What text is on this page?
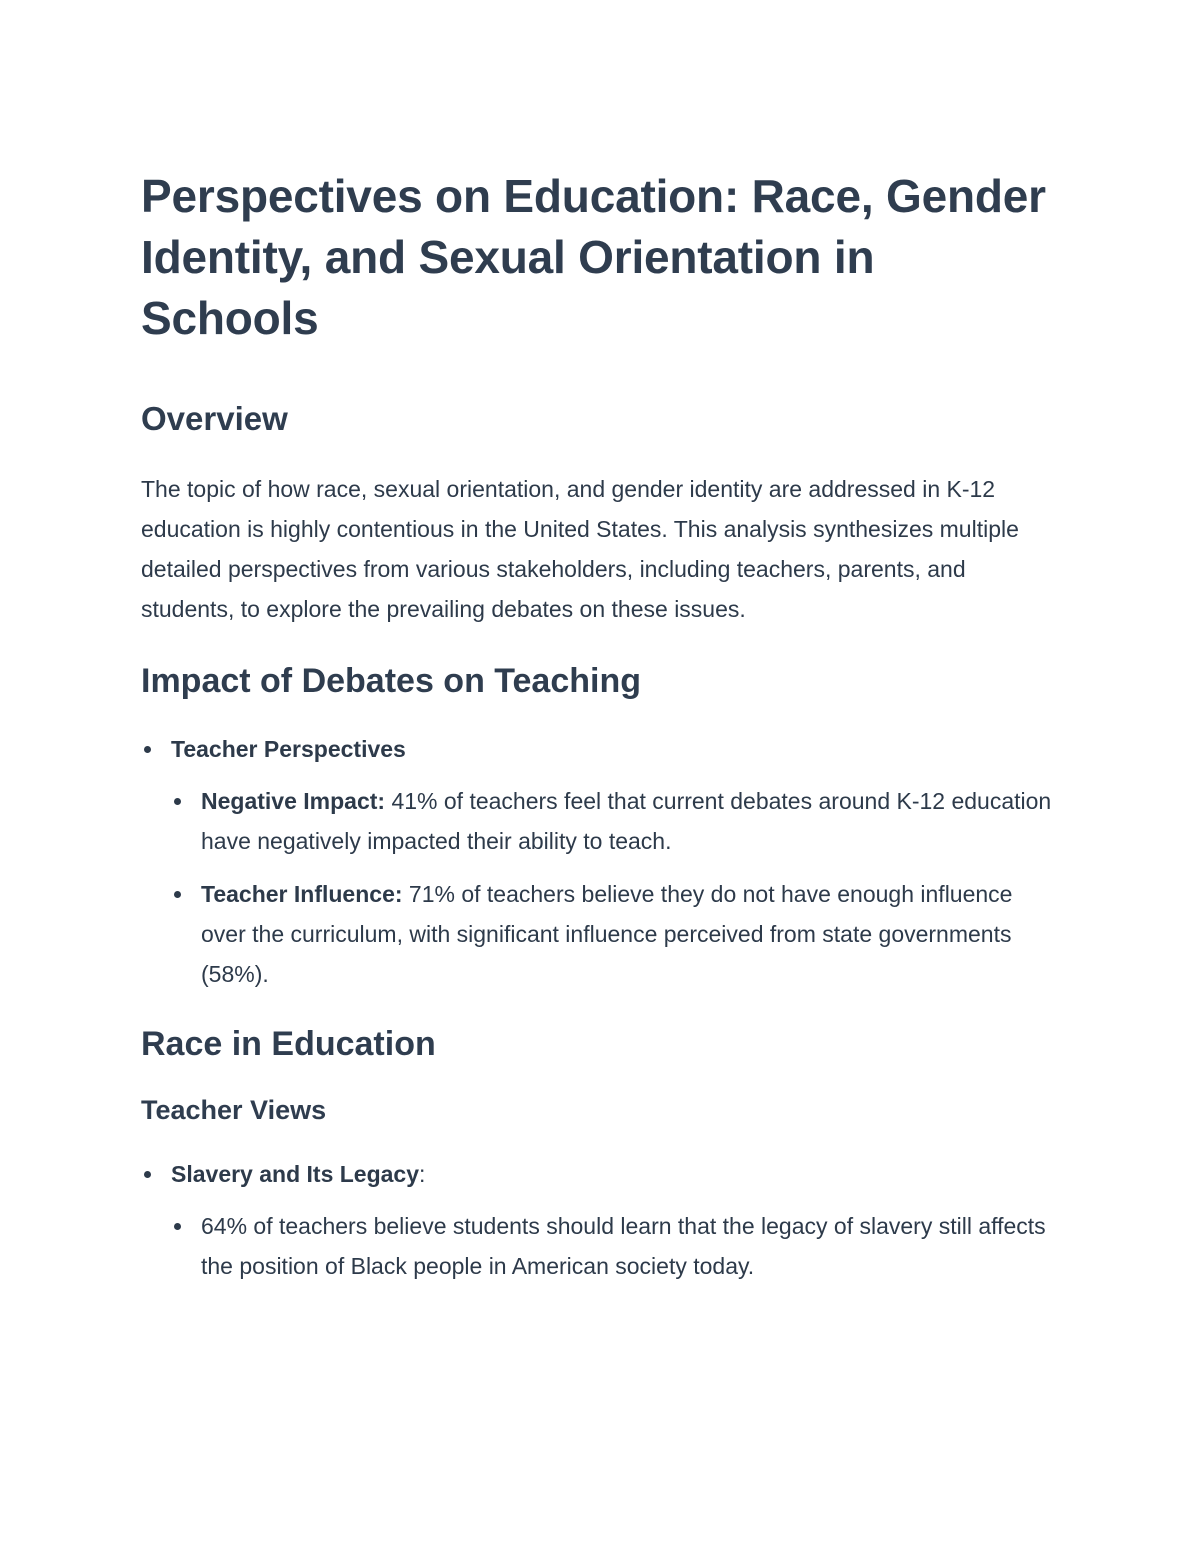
Perspectives on Education: Race, Gender Identity, and Sexual Orientation in Schools
Overview

The topic of how race, sexual orientation, and gender identity are addressed in K-12 education is highly contentious in the United States. This analysis synthesizes multiple detailed perspectives from various stakeholders, including teachers, parents, and students, to explore the prevailing debates on these issues.

Impact of Debates on Teaching
Teacher Perspectives
Negative Impact: 41% of teachers feel that current debates around K-12 education have negatively impacted their ability to teach.
Teacher Influence: 71% of teachers believe they do not have enough influence over the curriculum, with significant influence perceived from state governments (58%).
Race in Education
Teacher Views
Slavery and Its Legacy:
64% of teachers believe students should learn that the legacy of slavery still affects the position of Black people in American society today.
